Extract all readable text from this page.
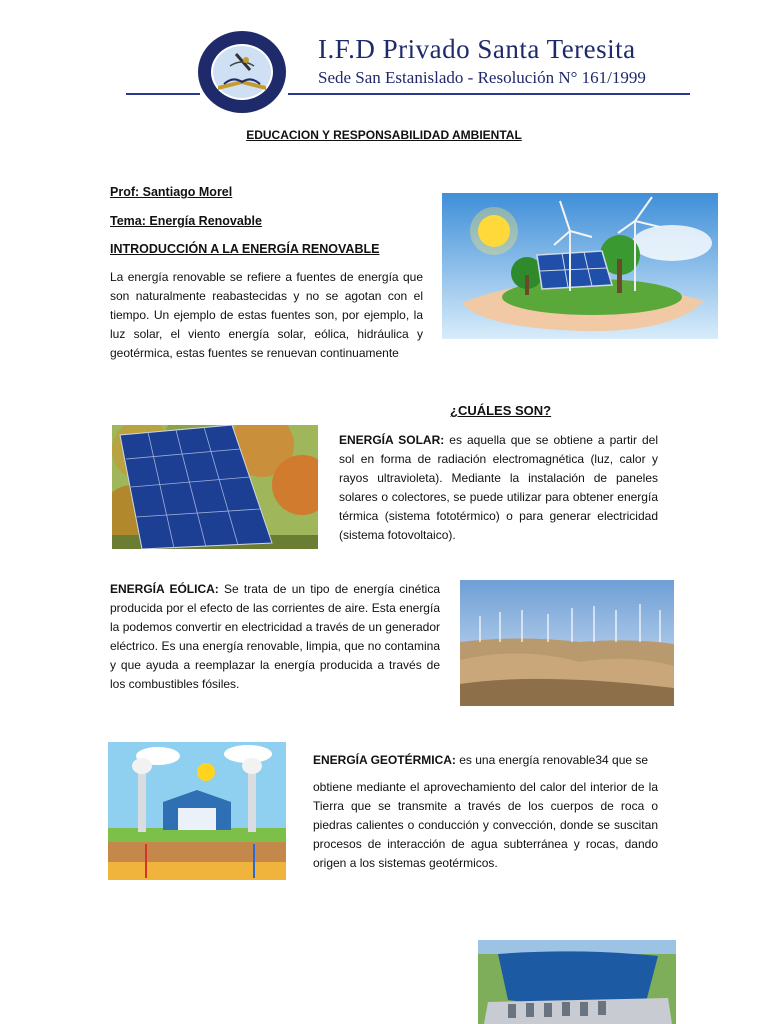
I.F.D Privado Santa Teresita
Sede San Estanislado - Resolución N° 161/1999
EDUCACION Y RESPONSABILIDAD AMBIENTAL
Prof: Santiago Morel
Tema: Energía Renovable
INTRODUCCIÓN A LA ENERGÍA RENOVABLE
La energía renovable se refiere a fuentes de energía que son naturalmente reabastecidas y no se agotan con el tiempo. Un ejemplo de estas fuentes son, por ejemplo, la luz solar, el viento energía solar, eólica, hidráulica y geotérmica, estas fuentes se renuevan continuamente
¿CUÁLES SON?
ENERGÍA SOLAR: es aquella que se obtiene a partir del sol en forma de radiación electromagnética (luz, calor y rayos ultravioleta). Mediante la instalación de paneles solares o colectores, se puede utilizar para obtener energía térmica (sistema fototérmico) o para generar electricidad (sistema fotovoltaico).
ENERGÍA EÓLICA: Se trata de un tipo de energía cinética producida por el efecto de las corrientes de aire. Esta energía la podemos convertir en electricidad a través de un generador eléctrico. Es una energía renovable, limpia, que no contamina y que ayuda a reemplazar la energía producida a través de los combustibles fósiles.
ENERGÍA GEOTÉRMICA: es una energía renovable34 que se
obtiene mediante el aprovechamiento del calor del interior de la Tierra que se transmite a través de los cuerpos de roca o piedras calientes o conducción y convección, donde se suscitan procesos de interacción de agua subterránea y rocas, dando origen a los sistemas geotérmicos.
